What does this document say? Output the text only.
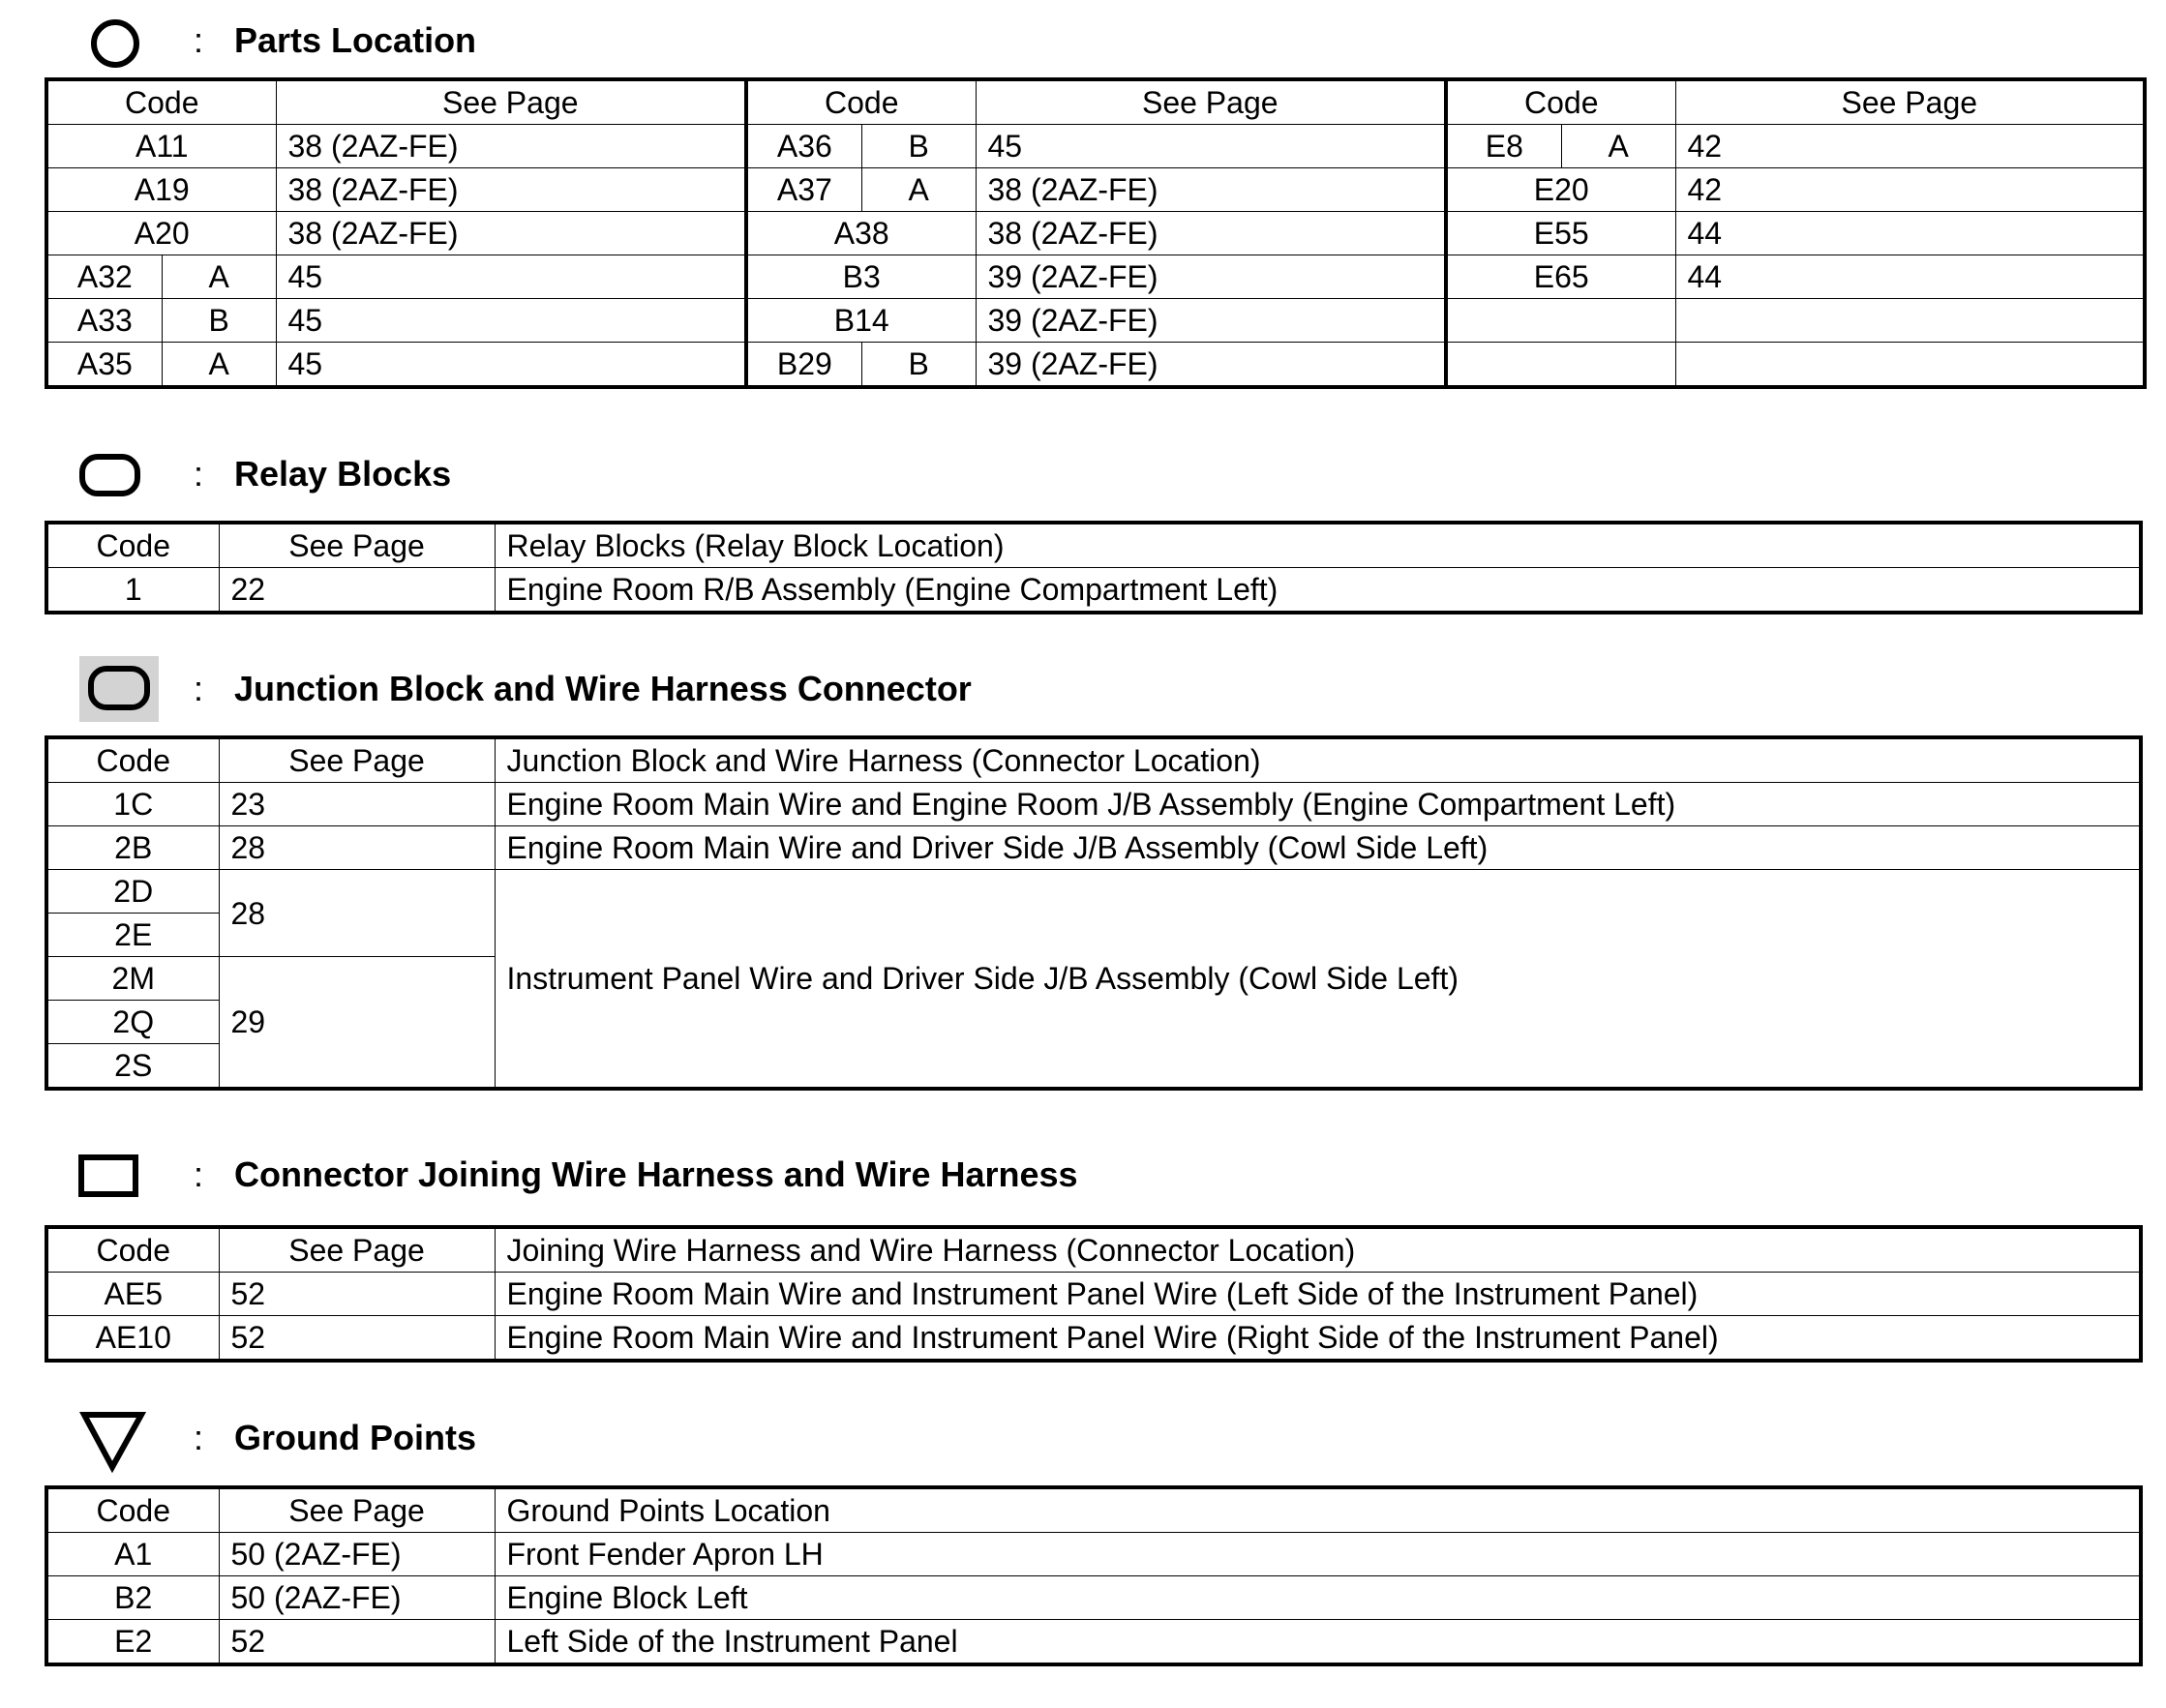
: Parts Location
Code	See Page	Code	See Page	Code	See Page
A11	38 (2AZ-FE)	A36 B	45	E8 A	42
A19	38 (2AZ-FE)	A37 A	38 (2AZ-FE)	E20	42
A20	38 (2AZ-FE)	A38	38 (2AZ-FE)	E55	44

A32 A	45	B3	39 (2AZ-FE)	E65	44

A33 B	45	B14	39 (2AZ-FE)		

A35 A	45	B29 B	39 (2AZ-FE)		
: Relay Blocks
Code	See Page	Relay Blocks (Relay Block Location)
1	22	Engine Room R/B Assembly (Engine Compartment Left)
: Junction Block and Wire Harness Connector
Code	See Page	Junction Block and Wire Harness (Connector Location)
1C	23	Engine Room Main Wire and Engine Room J/B Assembly (Engine Compartment Left)
2B	28	Engine Room Main Wire and Driver Side J/B Assembly (Cowl Side Left)
2D	28	Instrument Panel Wire and Driver Side J/B Assembly (Cowl Side Left)
2E		
2M	29	
2Q		
2S		
: Connector Joining Wire Harness and Wire Harness
Code	See Page	Joining Wire Harness and Wire Harness (Connector Location)
AE5	52	Engine Room Main Wire and Instrument Panel Wire (Left Side of the Instrument Panel)
AE10	52	Engine Room Main Wire and Instrument Panel Wire (Right Side of the Instrument Panel)
: Ground Points
Code	See Page	Ground Points Location
A1	50 (2AZ-FE)	Front Fender Apron LH
B2	50 (2AZ-FE)	Engine Block Left
E2	52	Left Side of the Instrument Panel
